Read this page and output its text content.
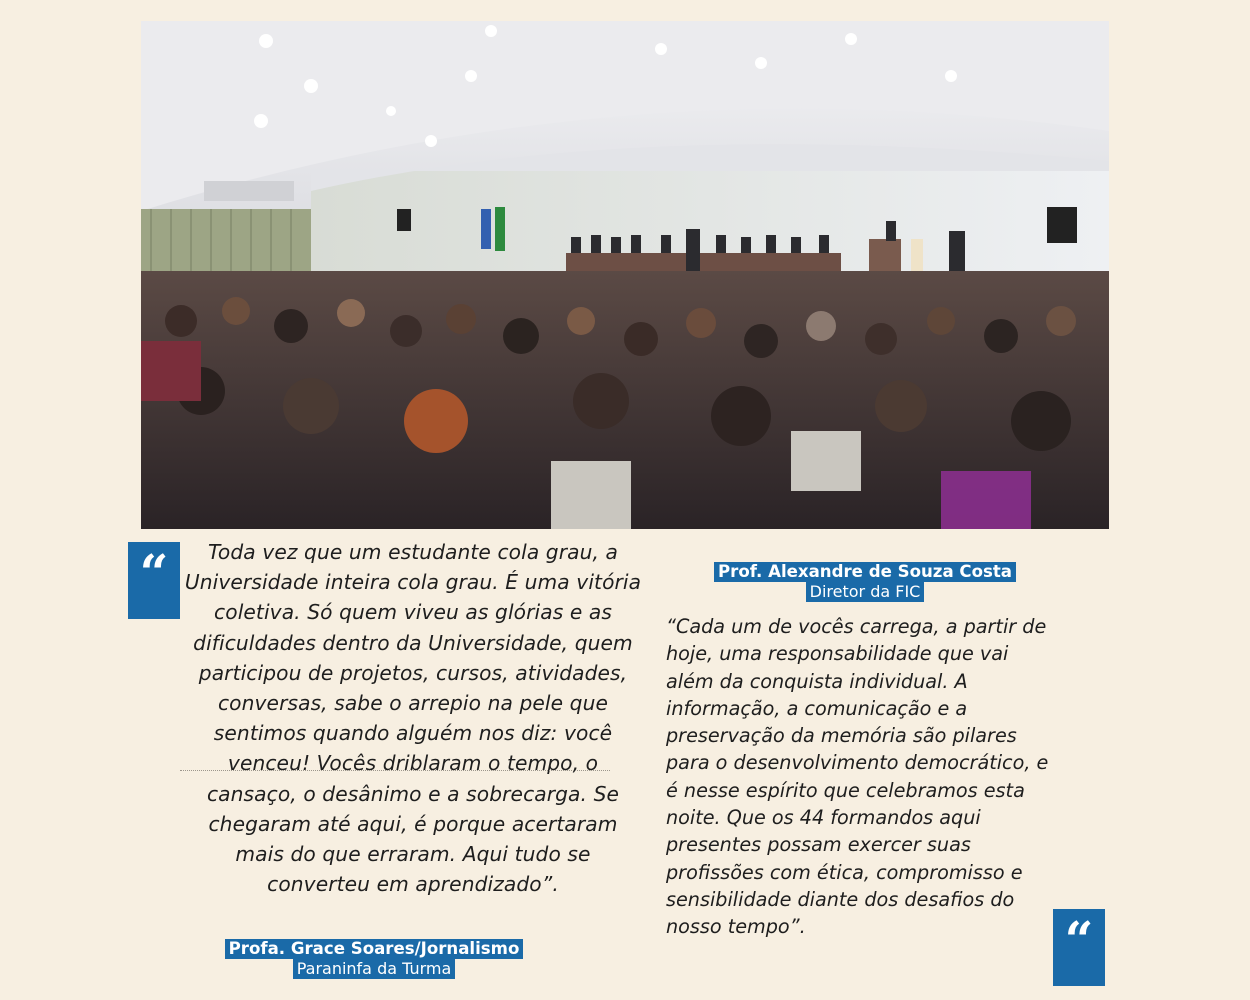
“	Toda vez que um estudante cola grau, a Universidade inteira cola grau. É uma vitória coletiva. Só quem viveu as glórias e as dificuldades dentro da Universidade, quem participou de projetos, cursos, atividades, conversas, sabe o arrepio na pele que sentimos quando alguém nos diz: você venceu! Vocês driblaram o tempo, o cansaço, o desânimo e a sobrecarga. Se chegaram até aqui, é porque acertaram mais do que erraram. Aqui tudo se converteu em aprendizado”.
Profa. Grace Soares/Jornalismo
Paraninfa da Turma
Prof. Alexandre de Souza Costa
Diretor da FIC
“Cada um de vocês carrega, a partir de hoje, uma responsabilidade que vai além da conquista individual. A informação, a comunicação e a preservação da memória são pilares para o desenvolvimento democrático, e é nesse espírito que celebramos esta noite. Que os 44 formandos aqui presentes possam exercer suas profissões com ética, compromisso e sensibilidade diante dos desafios do nosso tempo”.	“
